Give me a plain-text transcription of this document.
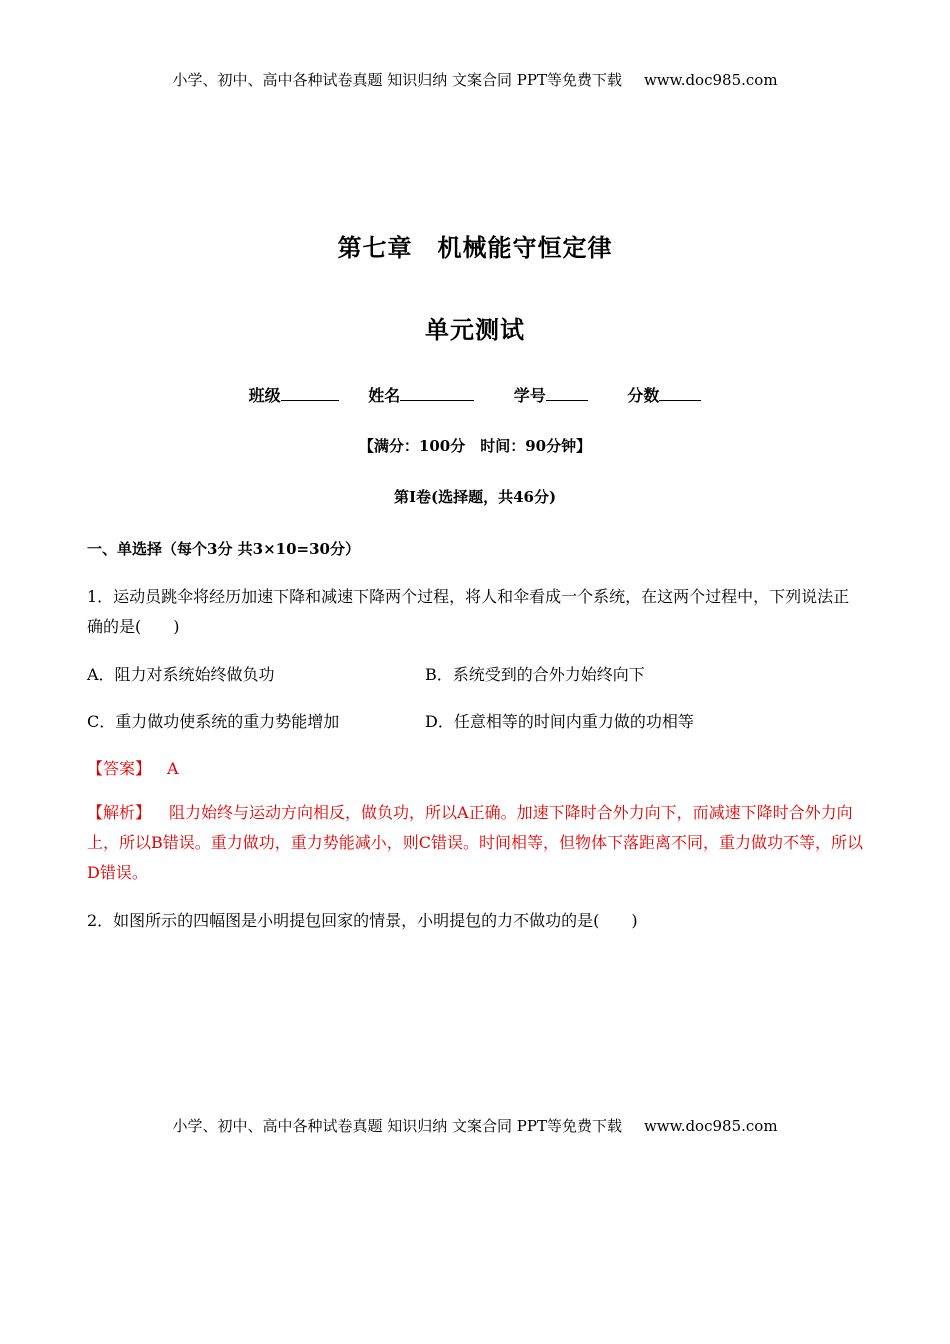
小学、初中、高中各种试卷真题 知识归纳 文案合同 PPT等免费下载 www.doc985.com
第七章　机械能守恒定律
单元测试
班级	姓名	学号	分数
【满分：100分　时间：90分钟】
第Ⅰ卷(选择题，共46分)
一、单选择（每个3分 共3×10=30分）
1．运动员跳伞将经历加速下降和减速下降两个过程，将人和伞看成一个系统，在这两个过程中，下列说法正确的是(　　)
A．阻力对系统始终做负功	B．系统受到的合外力始终向下
C．重力做功使系统的重力势能增加	D．任意相等的时间内重力做的功相等
【答案】 A
【解析】 阻力始终与运动方向相反，做负功，所以A正确。加速下降时合外力向下，而减速下降时合外力向上，所以B错误。重力做功，重力势能减小，则C错误。时间相等，但物体下落距离不同，重力做功不等，所以D错误。
2．如图所示的四幅图是小明提包回家的情景，小明提包的力不做功的是(　　)
小学、初中、高中各种试卷真题 知识归纳 文案合同 PPT等免费下载 www.doc985.com
